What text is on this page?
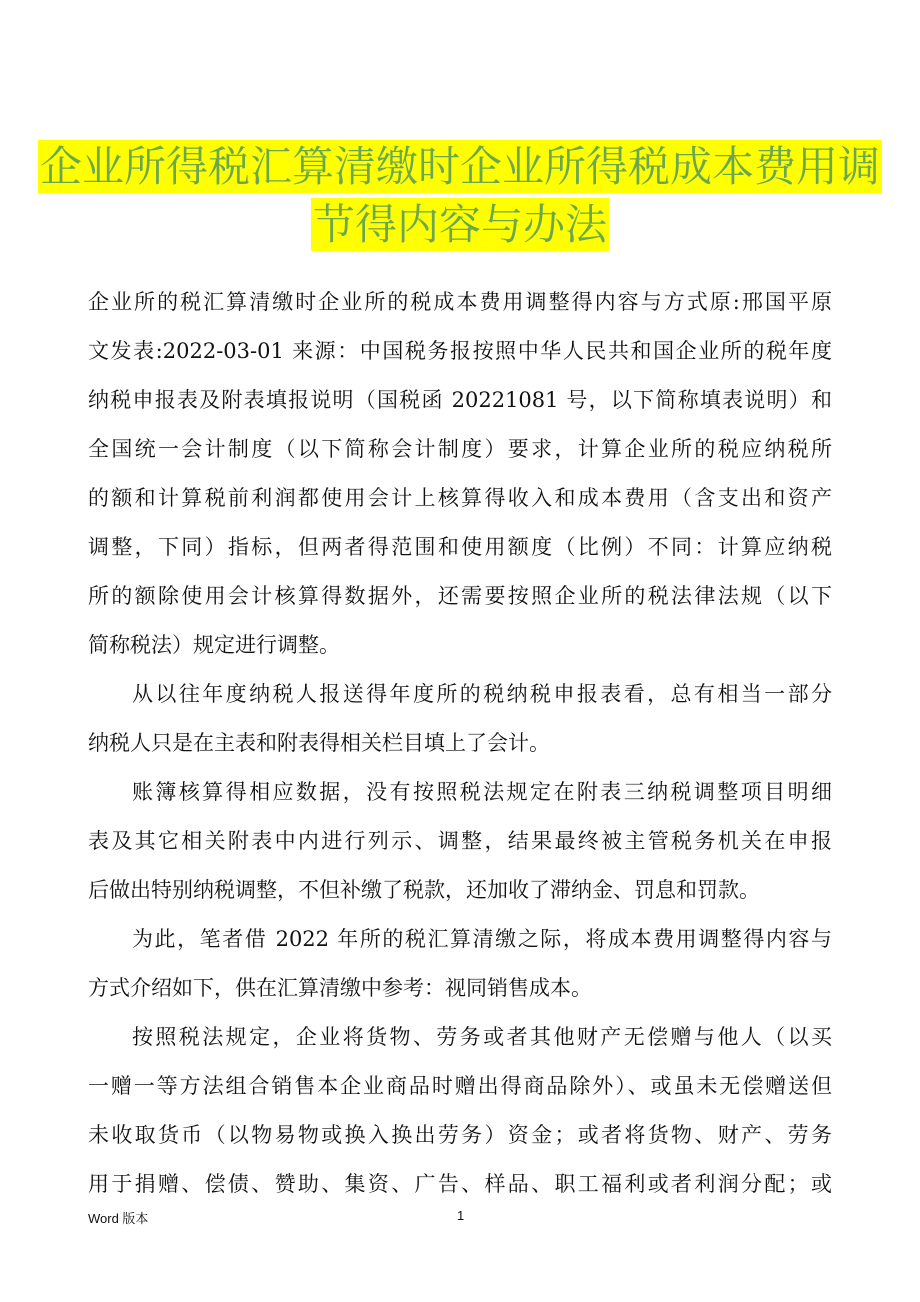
企业所得税汇算清缴时企业所得税成本费用调
节得内容与办法
企业所的税汇算清缴时企业所的税成本费用调整得内容与方式原:邢国平原
文发表:2022-03-01 来源：中国税务报按照中华人民共和国企业所的税年度
纳税申报表及附表填报说明（国税函 20221081 号，以下简称填表说明）和
全国统一会计制度（以下简称会计制度）要求，计算企业所的税应纳税所
的额和计算税前利润都使用会计上核算得收入和成本费用（含支出和资产
调整，下同）指标，但两者得范围和使用额度（比例）不同：计算应纳税
所的额除使用会计核算得数据外，还需要按照企业所的税法律法规（以下
简称税法）规定进行调整。
从以往年度纳税人报送得年度所的税纳税申报表看，总有相当一部分
纳税人只是在主表和附表得相关栏目填上了会计。
账簿核算得相应数据，没有按照税法规定在附表三纳税调整项目明细
表及其它相关附表中内进行列示、调整，结果最终被主管税务机关在申报
后做出特别纳税调整，不但补缴了税款，还加收了滞纳金、罚息和罚款。
为此，笔者借 2022 年所的税汇算清缴之际，将成本费用调整得内容与
方式介绍如下，供在汇算清缴中参考：视同销售成本。
按照税法规定，企业将货物、劳务或者其他财产无偿赠与他人（以买
一赠一等方法组合销售本企业商品时赠出得商品除外）、或虽未无偿赠送但
未收取货币（以物易物或换入换出劳务）资金；或者将货物、财产、劳务
用于捐赠、偿债、赞助、集资、广告、样品、职工福利或者利润分配；或
Word 版本	1
